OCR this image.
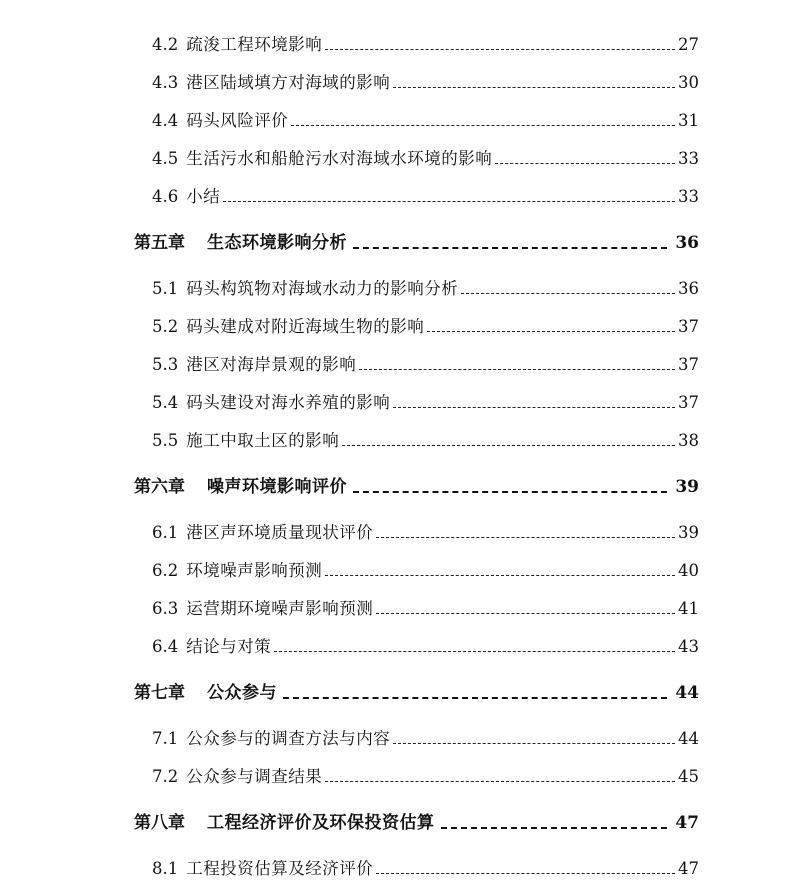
4.2 疏浚工程环境影响	27
4.3 港区陆域填方对海域的影响	30
4.4 码头风险评价	31
4.5 生活污水和船舱污水对海域水环境的影响	33
4.6 小结	33
第五章 生态环境影响分析	36
5.1 码头构筑物对海域水动力的影响分析	36
5.2 码头建成对附近海域生物的影响	37
5.3 港区对海岸景观的影响	37
5.4 码头建设对海水养殖的影响	37
5.5 施工中取土区的影响	38
第六章 噪声环境影响评价	39
6.1 港区声环境质量现状评价	39
6.2 环境噪声影响预测	40
6.3 运营期环境噪声影响预测	41
6.4 结论与对策	43
第七章 公众参与	44
7.1 公众参与的调查方法与内容	44
7.2 公众参与调查结果	45
第八章 工程经济评价及环保投资估算	47
8.1 工程投资估算及经济评价	47
